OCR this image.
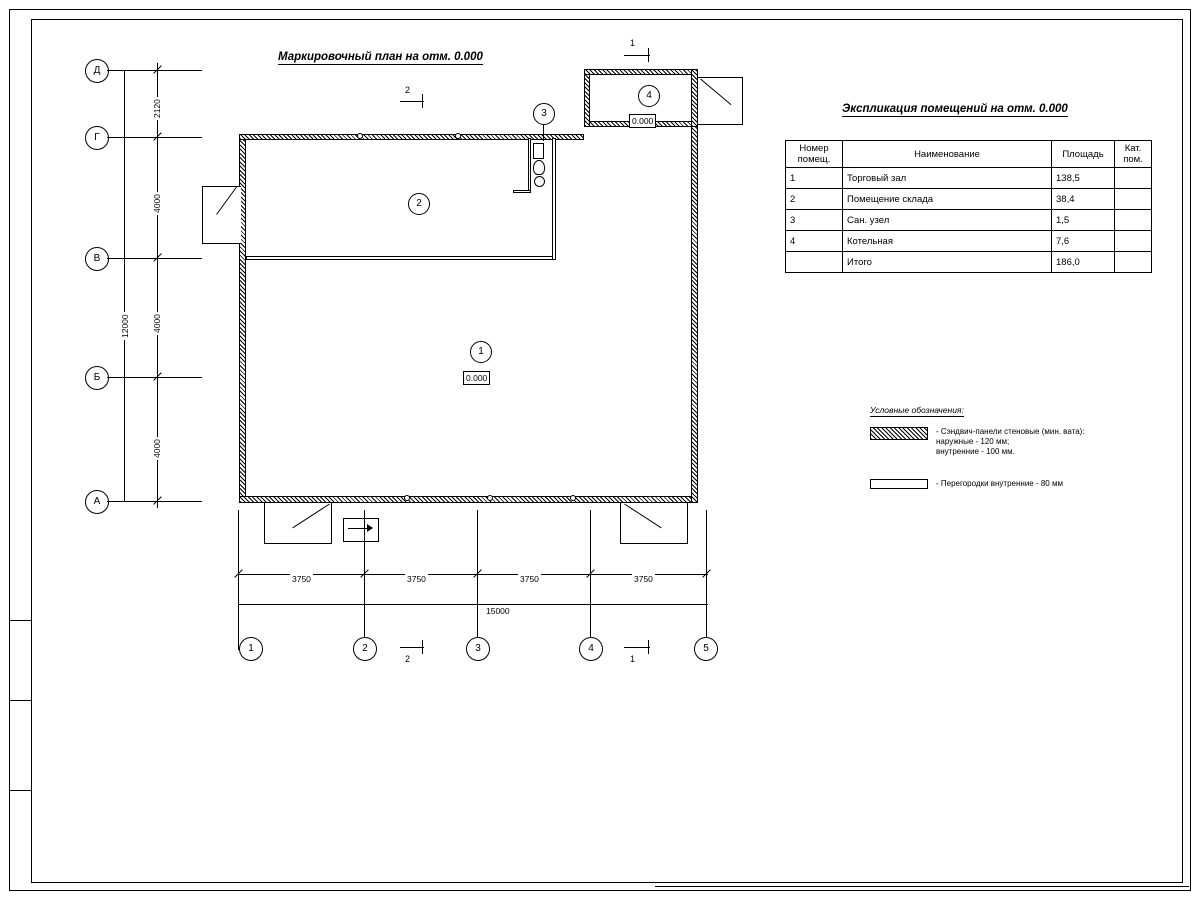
Маркировочный план на отм. 0.000
Экспликация помещений на отм. 0.000
Д
Г
В
Б
А
2120
4000
4000
4000
12000
2
1
0.000
3
4
0.000
1
2
2	1
3750	3750	3750	3750
15000
1	2	3	4	5
Номер
помещ.	Наименование	Площадь	Кат.
пом.
1	Торговый зал	138,5	
2	Помещение склада	38,4	
3	Сан. узел	1,5	
4	Котельная	7,6	
	Итого	186,0	
Условные обозначения:
- Сэндвич-панели стеновые (мин. вата):
наружные - 120 мм;
внутренние - 100 мм.
- Перегородки внутренние - 80 мм
